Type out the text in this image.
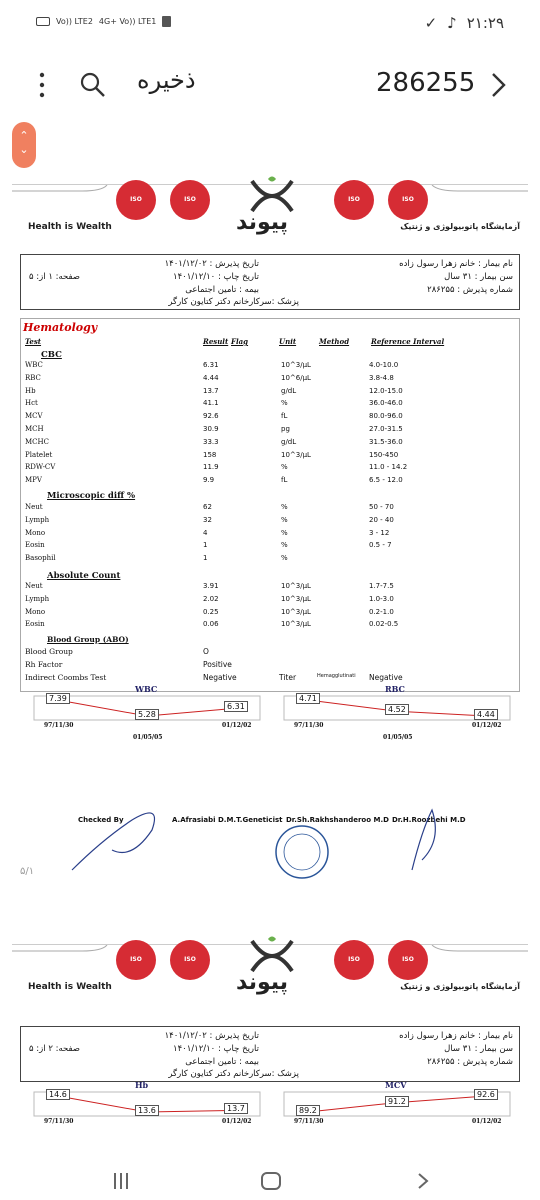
Vo)) LTE2 4G+ Vo)) LTE1	✓ ♪ ۲۱:۲۹
ذخیره	286255
⌃
⌄
ISO 9001:2015
ISO 10002:2018
ISO 10004:2018
ISO 45001:2018
پیوند
Health is Wealth	آزمایشگاه پاتوبیولوژی و ژنتیک
نام بیمار : خانم زهرا رسول زاده
سن بیمار : ۳۱ سال
شماره پذیرش : ۲۸۶۲۵۵
تاریخ پذیرش : ۱۴۰۱/۱۲/۰۲
تاریخ چاپ : ۱۴۰۱/۱۲/۱۰
بیمه : تامین اجتماعی
پزشک :سرکارخانم دکتر کتایون کارگر
صفحه: ۱ از: ۵
Hematology
Test	Result Flag	Unit	Method	Reference Interval
CBC
WBC	6.31	10^3/µL	4.0-10.0
RBC	4.44	10^6/µL	3.8-4.8
Hb	13.7	g/dL	12.0-15.0
Hct	41.1	%	36.0-46.0
MCV	92.6	fL	80.0-96.0
MCH	30.9	pg	27.0-31.5
MCHC	33.3	g/dL	31.5-36.0
Platelet	158	10^3/µL	150-450
RDW-CV	11.9	%	11.0 - 14.2
MPV	9.9	fL	6.5 - 12.0
Microscopic diff %
Neut	62	%	50 - 70
Lymph	32	%	20 - 40
Mono	4	%	3 - 12
Eosin	1	%	0.5 - 7
Basophil	1	%
Absolute Count
Neut	3.91	10^3/µL	1.7-7.5
Lymph	2.02	10^3/µL	1.0-3.0
Mono	0.25	10^3/µL	0.2-1.0
Eosin	0.06	10^3/µL	0.02-0.5
Blood Group (ABO)
Blood Group	O
Rh Factor	Positive
Indirect Coombs Test	Negative	Titer	Hemagglutinati Negative
7.39
5.28
6.31
97/11/30
01/05/05
01/12/02
WBC
4.71
4.52
4.44
97/11/30
01/05/05
01/12/02
RBC
Checked By	A.Afrasiabi D.M.T.Geneticist Dr.Sh.Rakhshanderoo M.D Dr.H.Roozbehi M.D
۵/۱
ISO 9001:2015
ISO 10002:2018
ISO 10004:2018
ISO 45001:2018
پیوند
Health is Wealth	آزمایشگاه پاتوبیولوژی و ژنتیک
نام بیمار : خانم زهرا رسول زاده
سن بیمار : ۳۱ سال
شماره پذیرش : ۲۸۶۲۵۵
تاریخ پذیرش : ۱۴۰۱/۱۲/۰۲
تاریخ چاپ : ۱۴۰۱/۱۲/۱۰
بیمه : تامین اجتماعی
پزشک :سرکارخانم دکتر کتایون کارگر
صفحه: ۲ از: ۵
14.6
13.6	13.7
97/11/30	01/12/02
Hb
89.2
91.2
92.6
97/11/30	01/12/02
MCV
